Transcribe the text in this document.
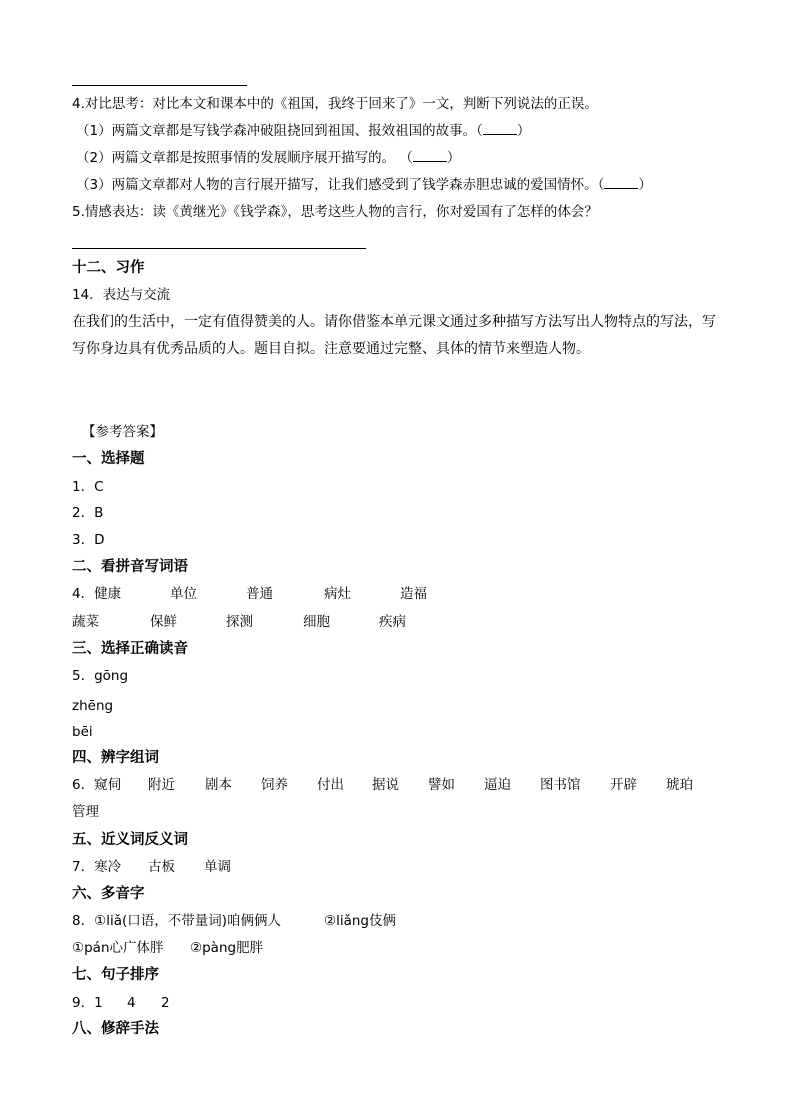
4.对比思考：对比本文和课本中的《祖国，我终于回来了》一文，判断下列说法的正误。
（1）两篇文章都是写钱学森冲破阻挠回到祖国、报效祖国的故事。（	）
（2）两篇文章都是按照事情的发展顺序展开描写的。 （	）
（3）两篇文章都对人物的言行展开描写，让我们感受到了钱学森赤胆忠诚的爱国情怀。（	）
5.情感表达：读《黄继光》《钱学森》，思考这些人物的言行，你对爱国有了怎样的体会？
十二、习作
14．表达与交流
在我们的生活中，一定有值得赞美的人。请你借鉴本单元课文通过多种描写方法写出人物特点的写法，写
写你身边具有优秀品质的人。题目自拟。注意要通过完整、具体的情节来塑造人物。
【参考答案】
一、选择题
1．C
2．B
3．D
二、看拼音写词语
4．健康	单位	普通	病灶	造福
蔬菜	保鲜	探测	细胞	疾病
三、选择正确读音
5．gōng
zhēng
bēi
四、辨字组词
6．窥伺 附近 剧本 饲养 付出 据说 譬如 逼迫 图书馆 开辟 琥珀
管理
五、近义词反义词
7．寒冷 古板 单调
六、多音字
8．①liǎ(口语，不带量词)咱俩俩人	②liǎng伎俩
①pán心广体胖 ②pàng肥胖
七、句子排序
9．1 4 2
八、修辞手法
